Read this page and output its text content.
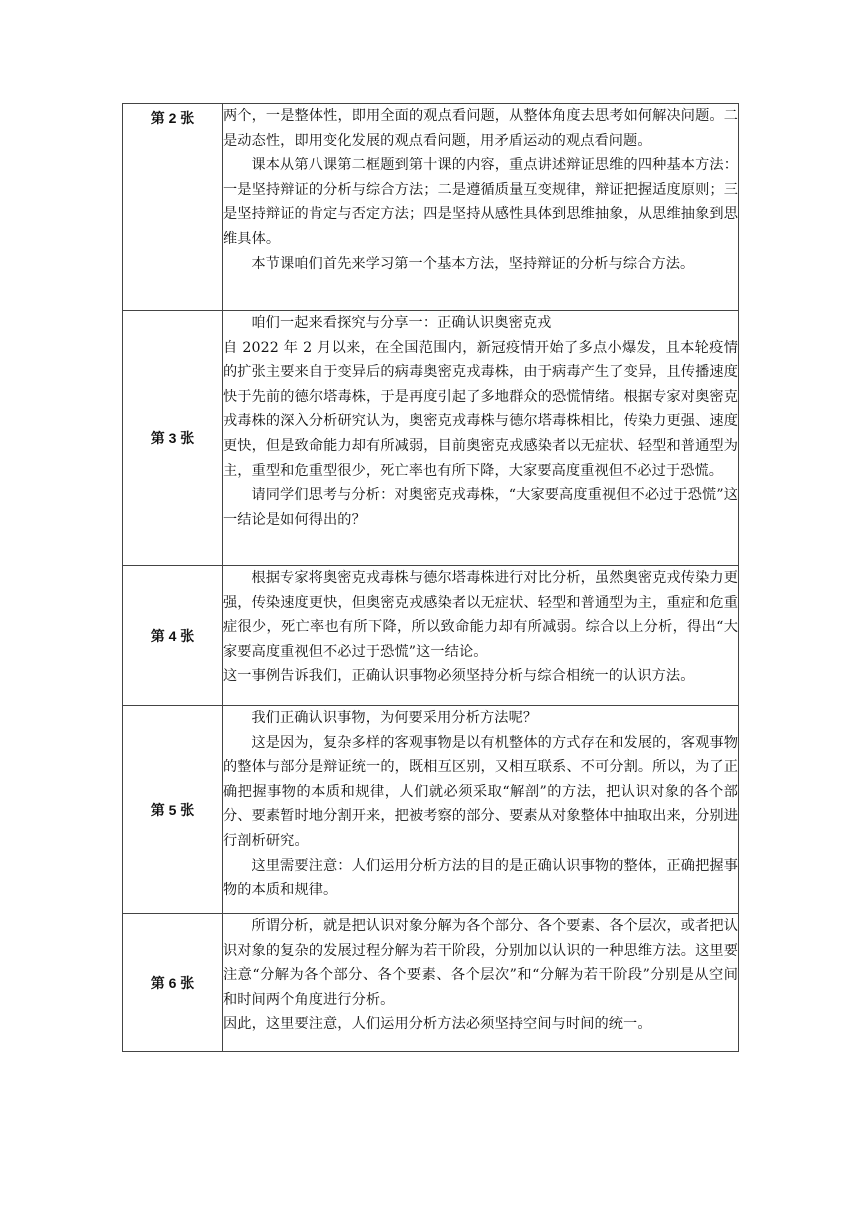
第 2 张	两个，一是整体性，即用全面的观点看问题，从整体角度去思考如何解决问题。二是动态性，即用变化发展的观点看问题，用矛盾运动的观点看问题。

课本从第八课第二框题到第十课的内容，重点讲述辩证思维的四种基本方法：一是坚持辩证的分析与综合方法；二是遵循质量互变规律，辩证把握适度原则；三是坚持辩证的肯定与否定方法；四是坚持从感性具体到思维抽象，从思维抽象到思维具体。

本节课咱们首先来学习第一个基本方法，坚持辩证的分析与综合方法。

第 3 张	咱们一起来看探究与分享一：正确认识奥密克戎

自 2022 年 2 月以来，在全国范围内，新冠疫情开始了多点小爆发，且本轮疫情的扩张主要来自于变异后的病毒奥密克戎毒株，由于病毒产生了变异，且传播速度快于先前的德尔塔毒株，于是再度引起了多地群众的恐慌情绪。根据专家对奥密克戎毒株的深入分析研究认为，奥密克戎毒株与德尔塔毒株相比，传染力更强、速度更快，但是致命能力却有所减弱，目前奥密克戎感染者以无症状、轻型和普通型为主，重型和危重型很少，死亡率也有所下降，大家要高度重视但不必过于恐慌。

请同学们思考与分析：对奥密克戎毒株，“大家要高度重视但不必过于恐慌”这一结论是如何得出的？

第 4 张	根据专家将奥密克戎毒株与德尔塔毒株进行对比分析，虽然奥密克戎传染力更强，传染速度更快，但奥密克戎感染者以无症状、轻型和普通型为主，重症和危重症很少，死亡率也有所下降，所以致命能力却有所减弱。综合以上分析，得出“大家要高度重视但不必过于恐慌”这一结论。

这一事例告诉我们，正确认识事物必须坚持分析与综合相统一的认识方法。

第 5 张	我们正确认识事物，为何要采用分析方法呢？

这是因为，复杂多样的客观事物是以有机整体的方式存在和发展的，客观事物的整体与部分是辩证统一的，既相互区别，又相互联系、不可分割。所以，为了正确把握事物的本质和规律，人们就必须采取“解剖”的方法，把认识对象的各个部分、要素暂时地分割开来，把被考察的部分、要素从对象整体中抽取出来，分别进行剖析研究。

这里需要注意：人们运用分析方法的目的是正确认识事物的整体，正确把握事物的本质和规律。

第 6 张	所谓分析，就是把认识对象分解为各个部分、各个要素、各个层次，或者把认识对象的复杂的发展过程分解为若干阶段，分别加以认识的一种思维方法。这里要注意“分解为各个部分、各个要素、各个层次”和“分解为若干阶段”分别是从空间和时间两个角度进行分析。

因此，这里要注意，人们运用分析方法必须坚持空间与时间的统一。
